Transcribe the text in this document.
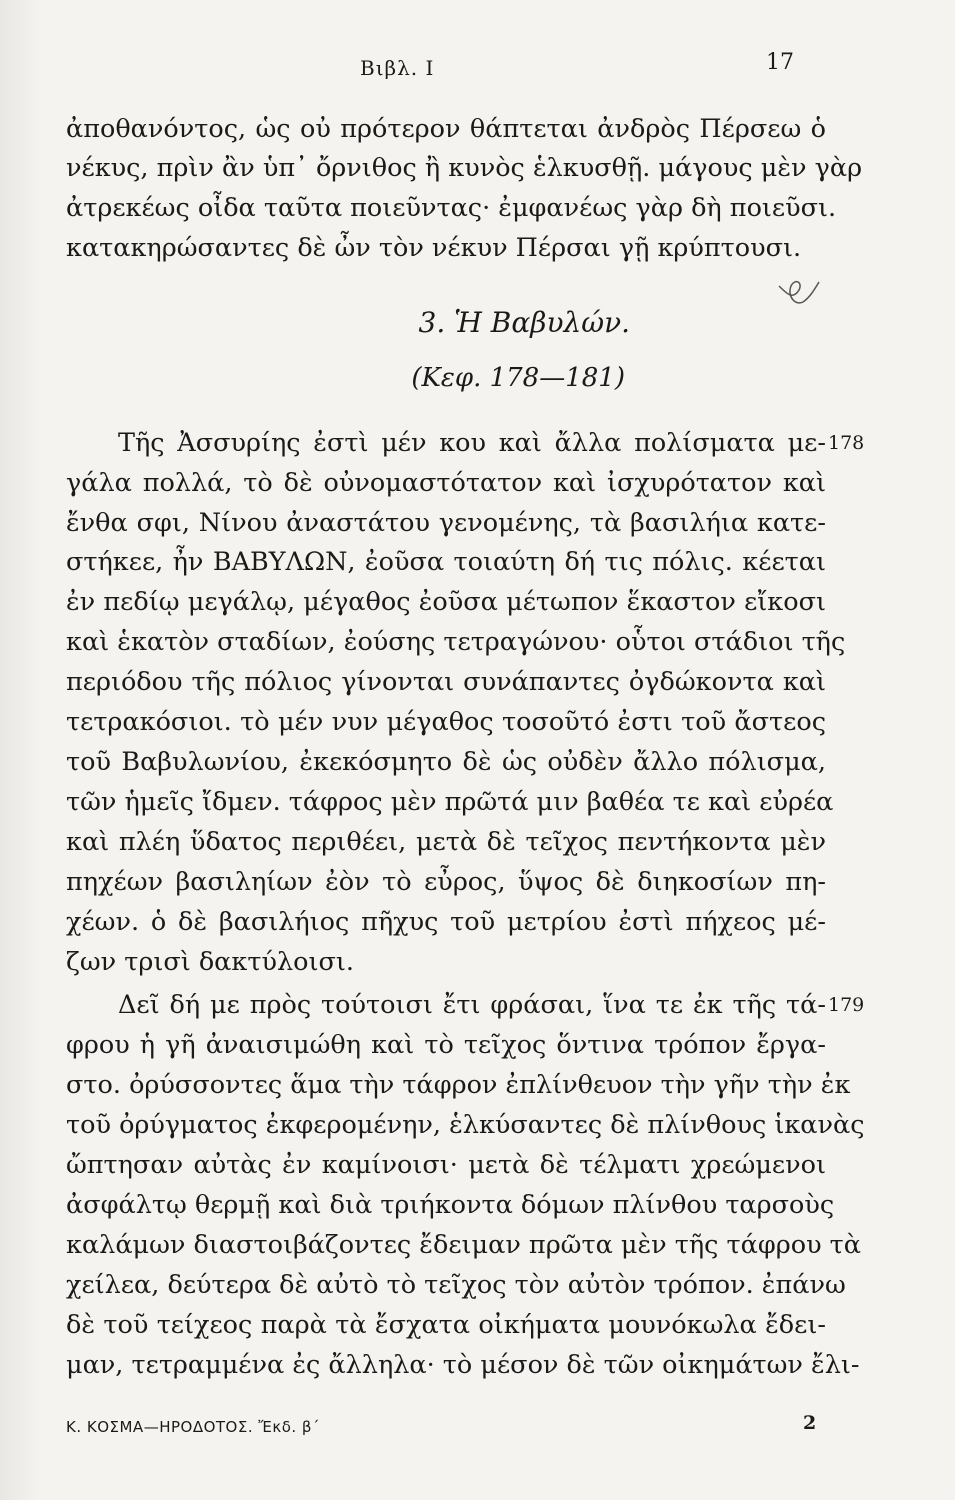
Βιβλ. Ι	17
ἀποθανόντος, ὡς οὐ πρότερον θάπτεται ἀνδρὸς Πέρσεω ὁ
νέκυς, πρὶν ἂν ὑπ᾽ ὄρνιθος ἢ κυνὸς ἑλκυσθῇ. μάγους μὲν γὰρ
ἀτρεκέως οἶδα ταῦτα ποιεῦντας· ἐμφανέως γὰρ δὴ ποιεῦσι.
κατακηρώσαντες δὲ ὦν τὸν νέκυν Πέρσαι γῇ κρύπτουσι.
3. Ἡ Βαβυλών.
(Κεφ. 178—181)
Τῆς Ἀσσυρίης ἐστὶ μέν κου καὶ ἄλλα πολίσματα με- 178
γάλα πολλά, τὸ δὲ οὐνομαστότατον καὶ ἰσχυρότατον καὶ
ἔνθα σφι, Νίνου ἀναστάτου γενομένης, τὰ βασιλήια κατε-
στήκεε, ἦν ΒΑΒΥΛΩΝ, ἐοῦσα τοιαύτη δή τις πόλις. κέεται
ἐν πεδίῳ μεγάλῳ, μέγαθος ἐοῦσα μέτωπον ἕκαστον εἴκοσι
καὶ ἑκατὸν σταδίων, ἐούσης τετραγώνου· οὗτοι στάδιοι τῆς
περιόδου τῆς πόλιος γίνονται συνάπαντες ὀγδώκοντα καὶ
τετρακόσιοι. τὸ μέν νυν μέγαθος τοσοῦτό ἐστι τοῦ ἄστεος
τοῦ Βαβυλωνίου, ἐκεκόσμητο δὲ ὡς οὐδὲν ἄλλο πόλισμα,
τῶν ἡμεῖς ἴδμεν. τάφρος μὲν πρῶτά μιν βαθέα τε καὶ εὐρέα
καὶ πλέη ὕδατος περιθέει, μετὰ δὲ τεῖχος πεντήκοντα μὲν
πηχέων βασιληίων ἐὸν τὸ εὖρος, ὕψος δὲ διηκοσίων πη-
χέων. ὁ δὲ βασιλήιος πῆχυς τοῦ μετρίου ἐστὶ πήχεος μέ-
ζων τρισὶ δακτύλοισι.
Δεῖ δή με πρὸς τούτοισι ἔτι φράσαι, ἵνα τε ἐκ τῆς τά- 179
φρου ἡ γῆ ἀναισιμώθη καὶ τὸ τεῖχος ὅντινα τρόπον ἔργα-
στο. ὀρύσσοντες ἅμα τὴν τάφρον ἐπλίνθευον τὴν γῆν τὴν ἐκ
τοῦ ὀρύγματος ἐκφερομένην, ἑλκύσαντες δὲ πλίνθους ἱκανὰς
ὤπτησαν αὐτὰς ἐν καμίνοισι· μετὰ δὲ τέλματι χρεώμενοι
ἀσφάλτῳ θερμῇ καὶ διὰ τριήκοντα δόμων πλίνθου ταρσοὺς
καλάμων διαστοιβάζοντες ἔδειμαν πρῶτα μὲν τῆς τάφρου τὰ
χείλεα, δεύτερα δὲ αὐτὸ τὸ τεῖχος τὸν αὐτὸν τρόπον. ἐπάνω
δὲ τοῦ τείχεος παρὰ τὰ ἔσχατα οἰκήματα μουνόκωλα ἔδει-
μαν, τετραμμένα ἐς ἄλληλα· τὸ μέσον δὲ τῶν οἰκημάτων ἔλι-
Κ. ΚΟΣΜΑ—ΗΡΟΔΟΤΟΣ. Ἔκδ. β΄	2
